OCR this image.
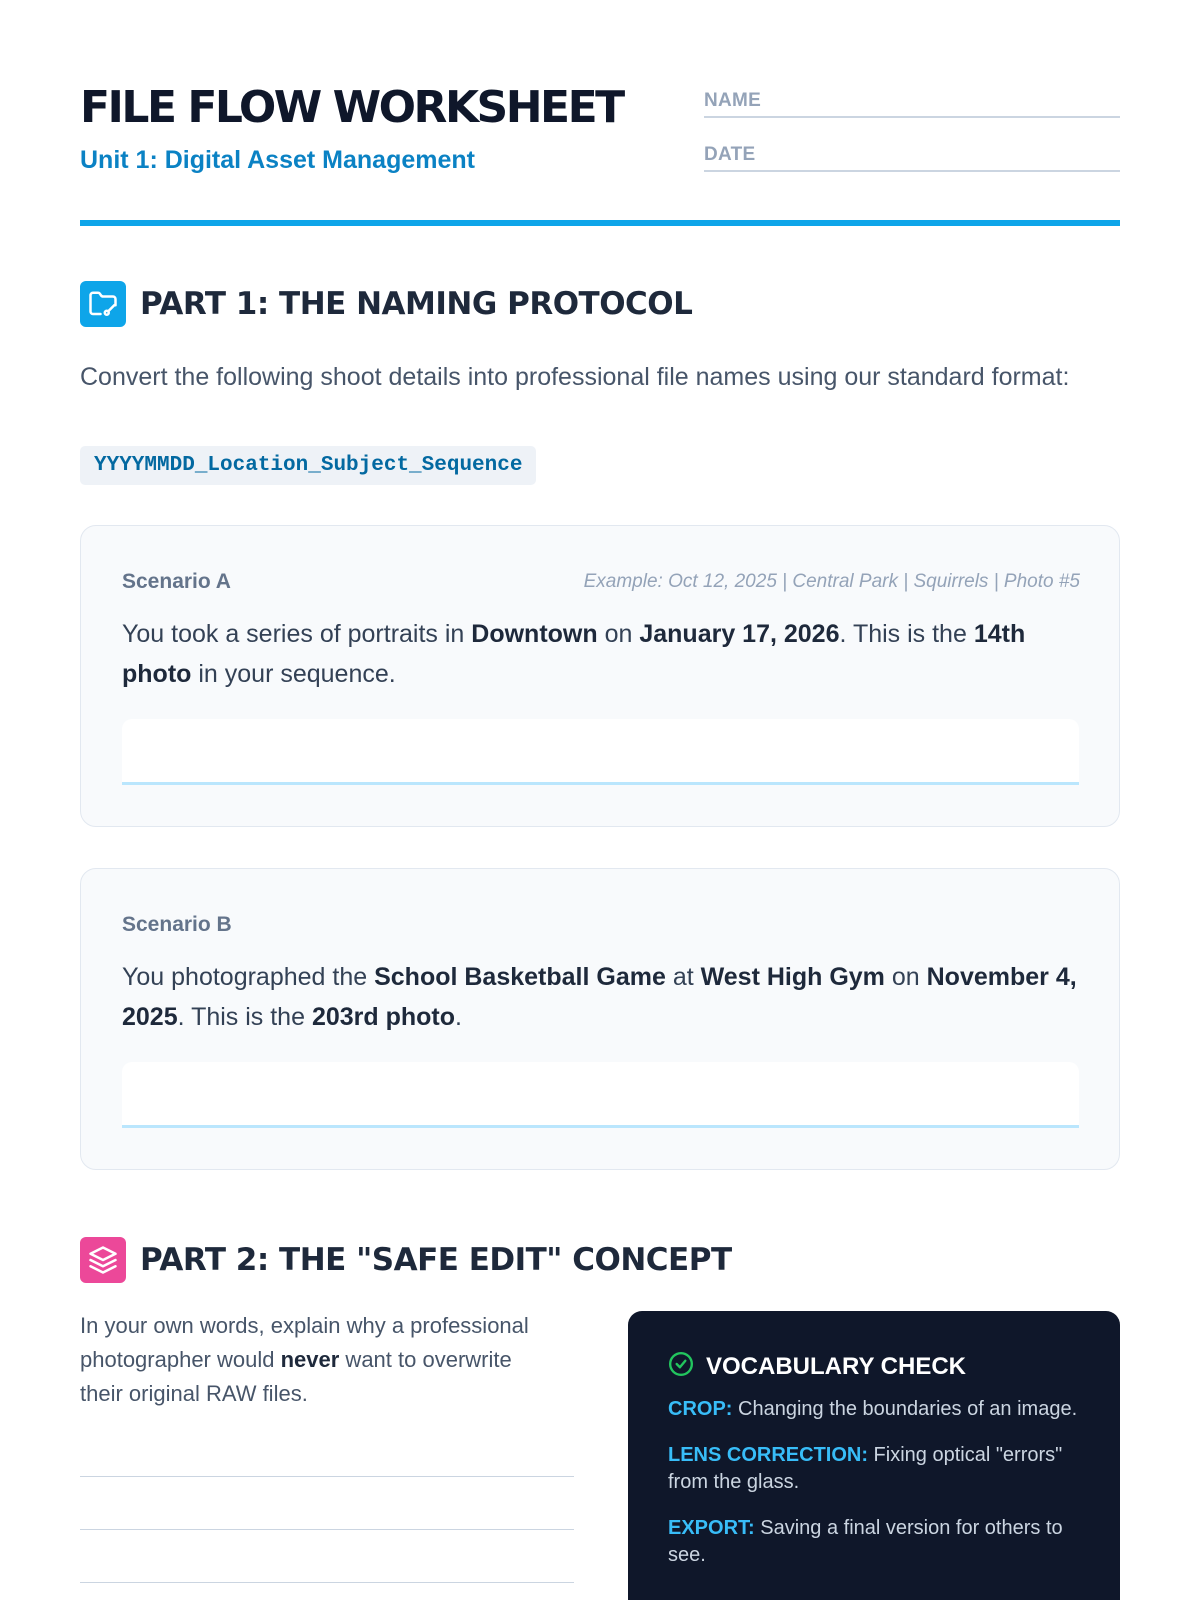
FILE FLOW WORKSHEET
Unit 1: Digital Asset Management
NAME
DATE
PART 1: THE NAMING PROTOCOL

Convert the following shoot details into professional file names using our standard format:

YYYYMMDD_Location_Subject_Sequence
Scenario A	Example: Oct 12, 2025 | Central Park | Squirrels | Photo #5

You took a series of portraits in Downtown on January 17, 2026. This is the 14th photo in your sequence.

Scenario B

You photographed the School Basketball Game at West High Gym on November 4, 2025. This is the 203rd photo.

PART 2: THE "SAFE EDIT" CONCEPT

In your own words, explain why a professional photographer would never want to overwrite their original RAW files.

VOCABULARY CHECK
CROP: Changing the boundaries of an image.
LENS CORRECTION: Fixing optical "errors" from the glass.
EXPORT: Saving a final version for others to see.
